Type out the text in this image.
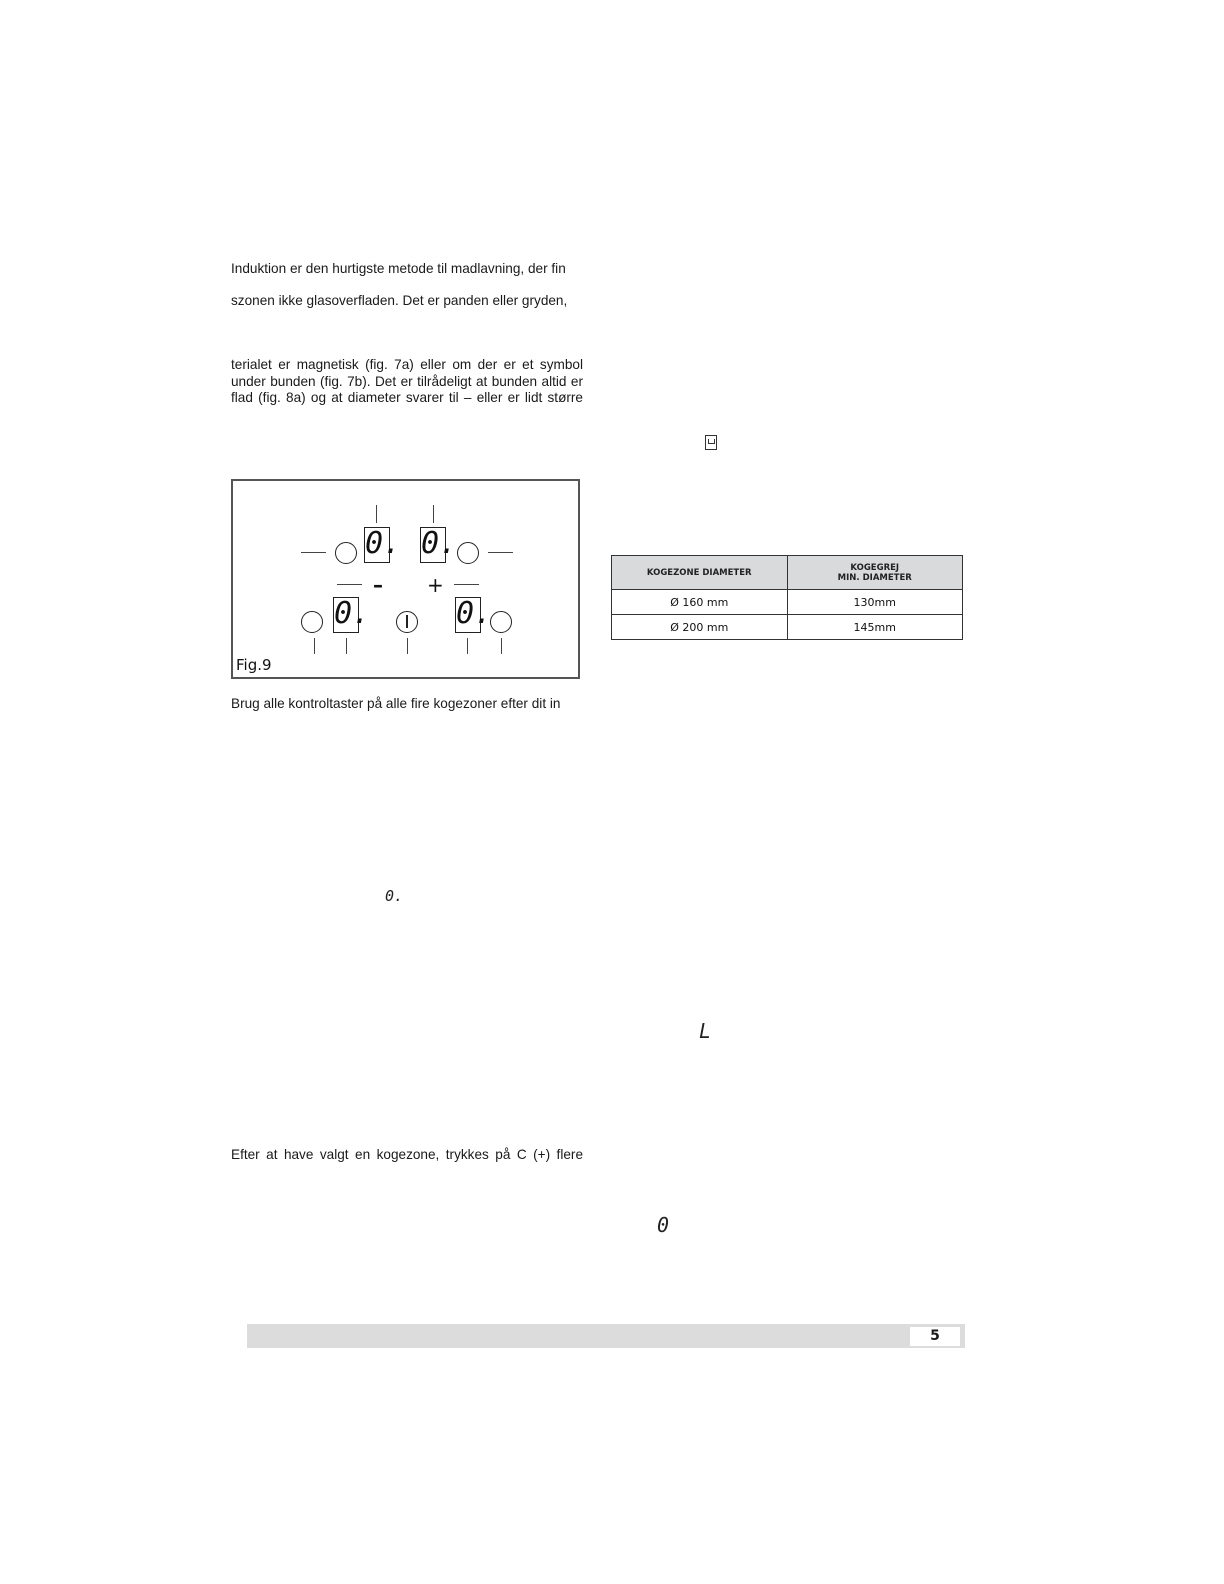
Induktion er den hurtigste metode til madlavning, der fin
szonen ikke glasoverfladen. Det er panden eller gryden,
terialet er magnetisk (fig. 7a) eller om der er et symbol
under bunden (fig. 7b). Det er tilrådeligt at bunden altid er
flad (fig. 8a) og at diameter svarer til – eller er lidt større
0. 0.
– +
0.	0.
Fig.9
Brug alle kontroltaster på alle fire kogezoner efter dit in
0.
Efter at have valgt en kogezone, trykkes på C (+) flere
KOGEZONE DIAMETER	KOGEGREJ
MIN. DIAMETER

Ø 160 mm	130mm
Ø 200 mm	145mm
L
0
5
